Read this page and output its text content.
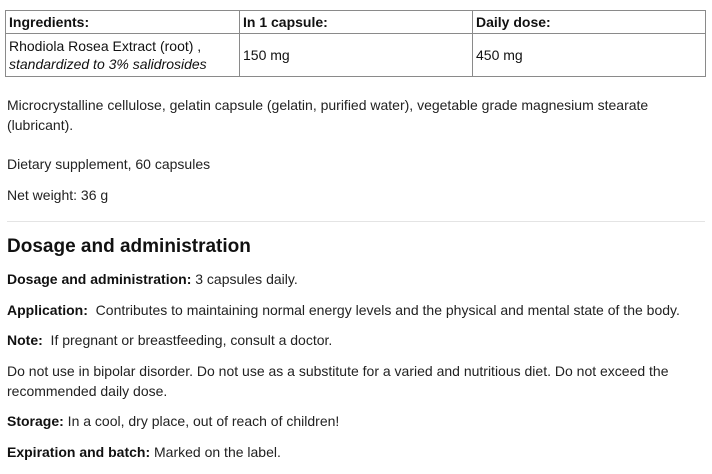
Ingredients:	In 1 capsule:	Daily dose:
Rhodiola Rosea Extract (root) ,
standardized to 3% salidrosides	150 mg	450 mg

Microcrystalline cellulose, gelatin capsule (gelatin, purified water), vegetable grade magnesium stearate (lubricant).

Dietary supplement, 60 capsules

Net weight: 36 g

Dosage and administration

Dosage and administration: 3 capsules daily.

Application:  Contributes to maintaining normal energy levels and the physical and mental state of the body.

Note:  If pregnant or breastfeeding, consult a doctor.

Do not use in bipolar disorder. Do not use as a substitute for a varied and nutritious diet. Do not exceed the recommended daily dose.

Storage: In a cool, dry place, out of reach of children!

Expiration and batch: Marked on the label.
